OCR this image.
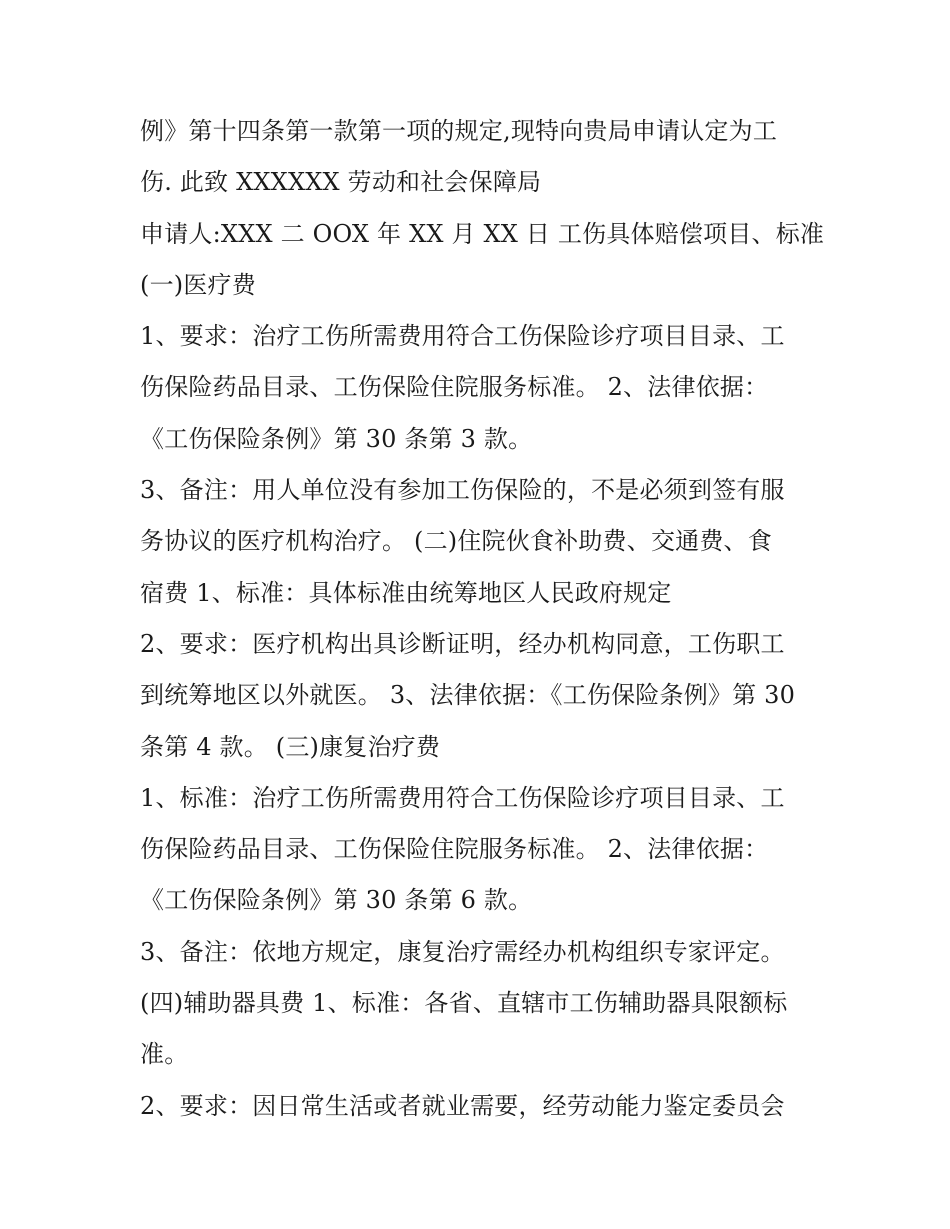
例》第十四条第一款第一项的规定,现特向贵局申请认定为工
伤. 此致 XXXXXX 劳动和社会保障局
申请人:XXX 二 OOX 年 XX 月 XX 日 工伤具体赔偿项目、标准
(一)医疗费
1、要求：治疗工伤所需费用符合工伤保险诊疗项目目录、工
伤保险药品目录、工伤保险住院服务标准。 2、法律依据：
《工伤保险条例》第 30 条第 3 款。
3、备注：用人单位没有参加工伤保险的，不是必须到签有服
务协议的医疗机构治疗。 (二)住院伙食补助费、交通费、食
宿费 1、标准：具体标准由统筹地区人民政府规定
2、要求：医疗机构出具诊断证明，经办机构同意，工伤职工
到统筹地区以外就医。 3、法律依据：《工伤保险条例》第 30
条第 4 款。 (三)康复治疗费
1、标准：治疗工伤所需费用符合工伤保险诊疗项目目录、工
伤保险药品目录、工伤保险住院服务标准。 2、法律依据：
《工伤保险条例》第 30 条第 6 款。
3、备注：依地方规定，康复治疗需经办机构组织专家评定。
(四)辅助器具费 1、标准：各省、直辖市工伤辅助器具限额标
准。
2、要求：因日常生活或者就业需要，经劳动能力鉴定委员会
